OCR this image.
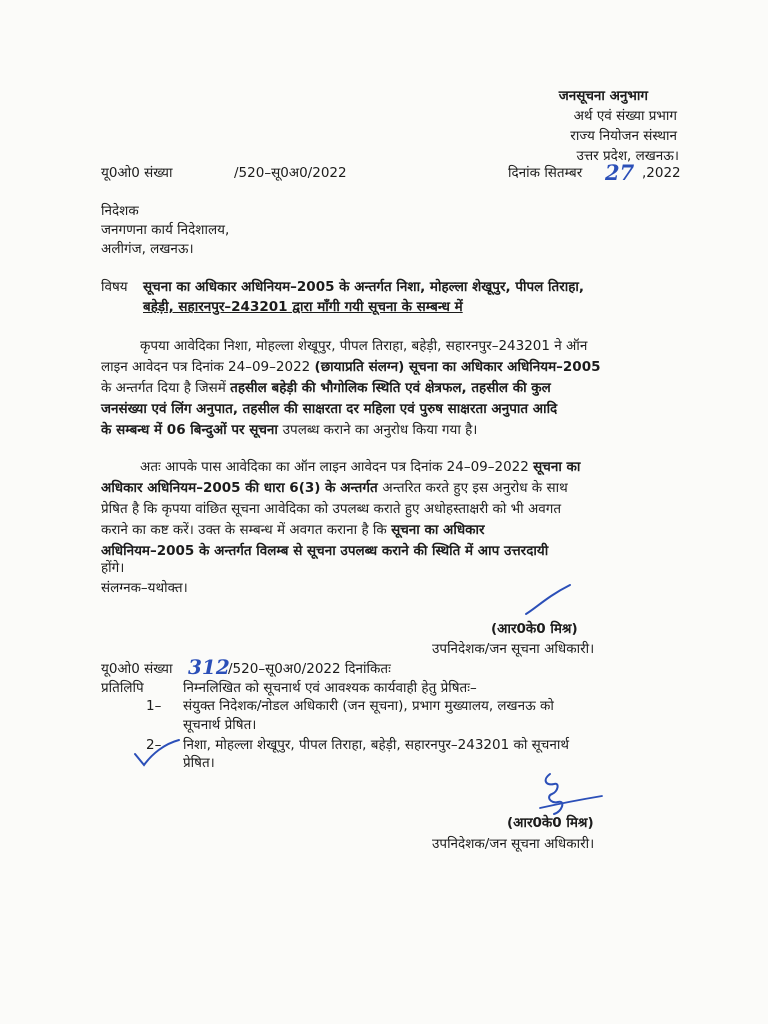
जनसूचना अनुभाग
अर्थ एवं संख्या प्रभाग
राज्य नियोजन संस्थान
उत्तर प्रदेश, लखनऊ।
यू0ओ0 संख्या	/520–सू0अ0/2022	दिनांक सितम्बर 27 ,2022
निदेशक
जनगणना कार्य निदेशालय,
अलीगंज, लखनऊ।
विषय सूचना का अधिकार अधिनियम–2005 के अन्तर्गत निशा, मोहल्ला शेखूपुर, पीपल तिराहा,
बहेड़ी, सहारनपुर–243201 द्वारा माँगी गयी सूचना के सम्बन्ध में
कृपया आवेदिका निशा, मोहल्ला शेखूपुर, पीपल तिराहा, बहेड़ी, सहारनपुर–243201 ने ऑन
लाइन आवेदन पत्र दिनांक 24–09–2022 (छायाप्रति संलग्न) सूचना का अधिकार अधिनियम–2005
के अन्तर्गत दिया है जिसमें तहसील बहेड़ी की भौगोलिक स्थिति एवं क्षेत्रफल, तहसील की कुल
जनसंख्या एवं लिंग अनुपात, तहसील की साक्षरता दर महिला एवं पुरुष साक्षरता अनुपात आदि
के सम्बन्ध में 06 बिन्दुओं पर सूचना उपलब्ध कराने का अनुरोध किया गया है।
अतः आपके पास आवेदिका का ऑन लाइन आवेदन पत्र दिनांक 24–09–2022 सूचना का
अधिकार अधिनियम–2005 की धारा 6(3) के अन्तर्गत अन्तरित करते हुए इस अनुरोध के साथ
प्रेषित है कि कृपया वांछित सूचना आवेदिका को उपलब्ध कराते हुए अधोहस्ताक्षरी को भी अवगत
कराने का कष्ट करें। उक्त के सम्बन्ध में अवगत कराना है कि सूचना का अधिकार
अधिनियम–2005 के अन्तर्गत विलम्ब से सूचना उपलब्ध कराने की स्थिति में आप उत्तरदायी
होंगे।
संलग्नक–यथोक्त।
(आर0के0 मिश्र)
उपनिदेशक/जन सूचना अधिकारी।
यू0ओ0 संख्या 312
/520–सू0अ0/2022 दिनांकितः
प्रतिलिपि	निम्नलिखित को सूचनार्थ एवं आवश्यक कार्यवाही हेतु प्रेषितः–
1– संयुक्त निदेशक/नोडल अधिकारी (जन सूचना), प्रभाग मुख्यालय, लखनऊ को
सूचनार्थ प्रेषित।
2– निशा, मोहल्ला शेखूपुर, पीपल तिराहा, बहेड़ी, सहारनपुर–243201 को सूचनार्थ
प्रेषित।
(आर0के0 मिश्र)
उपनिदेशक/जन सूचना अधिकारी।
